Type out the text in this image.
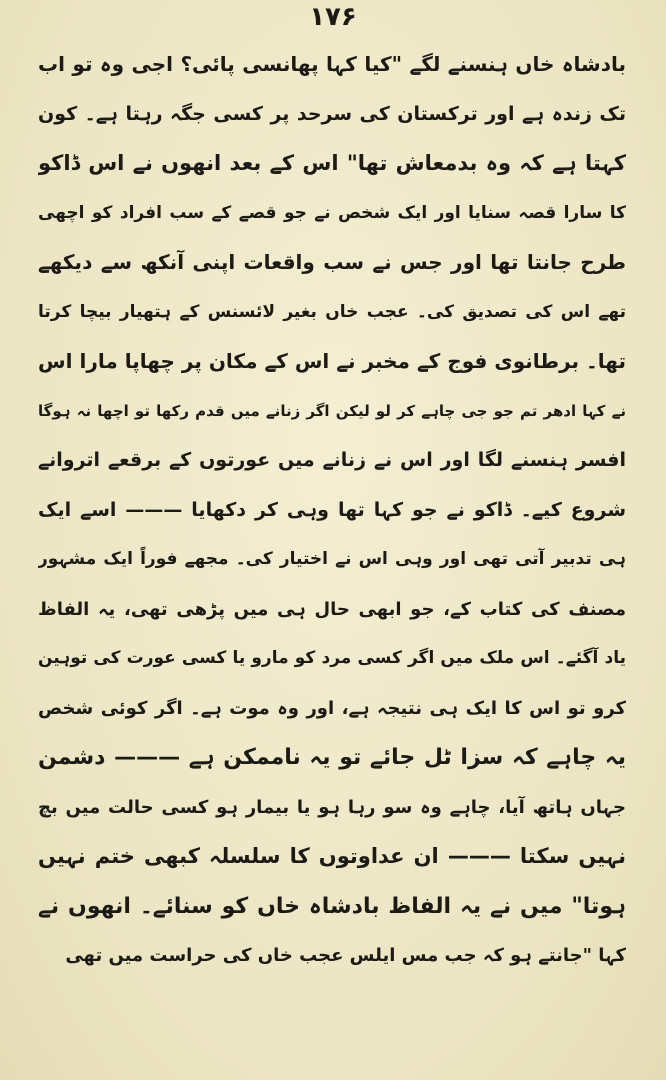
۱۷۶
بادشاہ خاں ہنسنے لگے "کیا کہا پھانسی پائی؟ اجی وہ تو اب
تک زندہ ہے اور ترکستان کی سرحد پر کسی جگہ رہتا ہے۔ کون
کہتا ہے کہ وہ بدمعاش تھا" اس کے بعد انھوں نے اس ڈاکو
کا سارا قصہ سنایا اور ایک شخص نے جو قصے کے سب افراد کو اچھی
طرح جانتا تھا اور جس نے سب واقعات اپنی آنکھ سے دیکھے
تھے اس کی تصدیق کی۔ عجب خاں بغیر لائسنس کے ہتھیار بیچا کرتا
تھا۔ برطانوی فوج کے مخبر نے اس کے مکان پر چھاپا مارا اس
نے کہا ادھر تم جو جی چاہے کر لو لیکن اگر زنانے میں قدم رکھا تو اچھا نہ ہوگا
افسر ہنسنے لگا اور اس نے زنانے میں عورتوں کے برقعے اتروانے
شروع کیے۔ ڈاکو نے جو کہا تھا وہی کر دکھایا ——— اسے ایک
ہی تدبیر آتی تھی اور وہی اس نے اختیار کی۔ مجھے فوراً ایک مشہور
مصنف کی کتاب کے، جو ابھی حال ہی میں پڑھی تھی، یہ الفاظ
یاد آگئے۔ اس ملک میں اگر کسی مرد کو مارو یا کسی عورت کی توہین
کرو تو اس کا ایک ہی نتیجہ ہے، اور وہ موت ہے۔ اگر کوئی شخص
یہ چاہے کہ سزا ٹل جائے تو یہ ناممکن ہے ——— دشمن
جہاں ہاتھ آیا، چاہے وہ سو رہا ہو یا بیمار ہو کسی حالت میں بچ
نہیں سکتا ——— ان عداوتوں کا سلسلہ کبھی ختم نہیں
ہوتا" میں نے یہ الفاظ بادشاہ خاں کو سنائے۔ انھوں نے
کہا "جانتے ہو کہ جب مس ایلس عجب خاں کی حراست میں تھی
